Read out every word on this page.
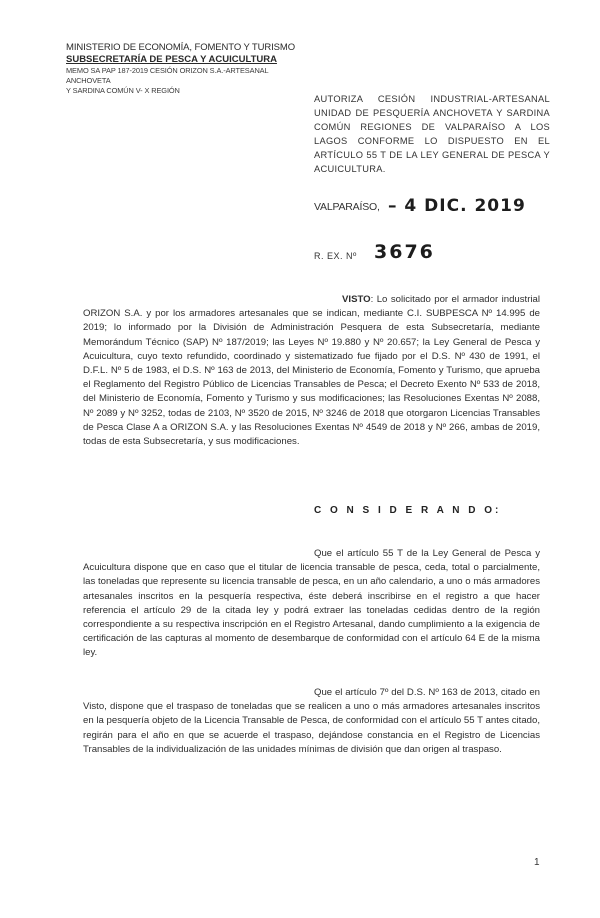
MINISTERIO DE ECONOMÍA, FOMENTO Y TURISMO
SUBSECRETARÍA DE PESCA Y ACUICULTURA
MEMO SA PAP 187-2019 CESIÓN ORIZON S.A.-ARTESANAL ANCHOVETA
Y SARDINA COMÚN V- X REGIÓN
AUTORIZA CESIÓN INDUSTRIAL-ARTESANAL UNIDAD DE PESQUERÍA ANCHOVETA Y SARDINA COMÚN REGIONES DE VALPARAÍSO A LOS LAGOS CONFORME LO DISPUESTO EN EL ARTÍCULO 55 T DE LA LEY GENERAL DE PESCA Y ACUICULTURA.
VALPARAÍSO, – 4 DIC. 2019
R. EX. Nº 3676
VISTO: Lo solicitado por el armador industrial ORIZON S.A. y por los armadores artesanales que se indican, mediante C.I. SUBPESCA Nº 14.995 de 2019; lo informado por la División de Administración Pesquera de esta Subsecretaría, mediante Memorándum Técnico (SAP) Nº 187/2019; las Leyes Nº 19.880 y Nº 20.657; la Ley General de Pesca y Acuicultura, cuyo texto refundido, coordinado y sistematizado fue fijado por el D.S. Nº 430 de 1991, el D.F.L. Nº 5 de 1983, el D.S. Nº 163 de 2013, del Ministerio de Economía, Fomento y Turismo, que aprueba el Reglamento del Registro Público de Licencias Transables de Pesca; el Decreto Exento Nº 533 de 2018, del Ministerio de Economía, Fomento y Turismo y sus modificaciones; las Resoluciones Exentas Nº 2088, Nº 2089 y Nº 3252, todas de 2103, Nº 3520 de 2015, Nº 3246 de 2018 que otorgaron Licencias Transables de Pesca Clase A a ORIZON S.A. y las Resoluciones Exentas Nº 4549 de 2018 y Nº 266, ambas de 2019, todas de esta Subsecretaría, y sus modificaciones.
C O N S I D E R A N D O:
Que el artículo 55 T de la Ley General de Pesca y Acuicultura dispone que en caso que el titular de licencia transable de pesca, ceda, total o parcialmente, las toneladas que represente su licencia transable de pesca, en un año calendario, a uno o más armadores artesanales inscritos en la pesquería respectiva, éste deberá inscribirse en el registro a que hacer referencia el artículo 29 de la citada ley y podrá extraer las toneladas cedidas dentro de la región correspondiente a su respectiva inscripción en el Registro Artesanal, dando cumplimiento a la exigencia de certificación de las capturas al momento de desembarque de conformidad con el artículo 64 E de la misma ley.
Que el artículo 7º del D.S. Nº 163 de 2013, citado en Visto, dispone que el traspaso de toneladas que se realicen a uno o más armadores artesanales inscritos en la pesquería objeto de la Licencia Transable de Pesca, de conformidad con el artículo 55 T antes citado, regirán para el año en que se acuerde el traspaso, dejándose constancia en el Registro de Licencias Transables de la individualización de las unidades mínimas de división que dan origen al traspaso.
1
